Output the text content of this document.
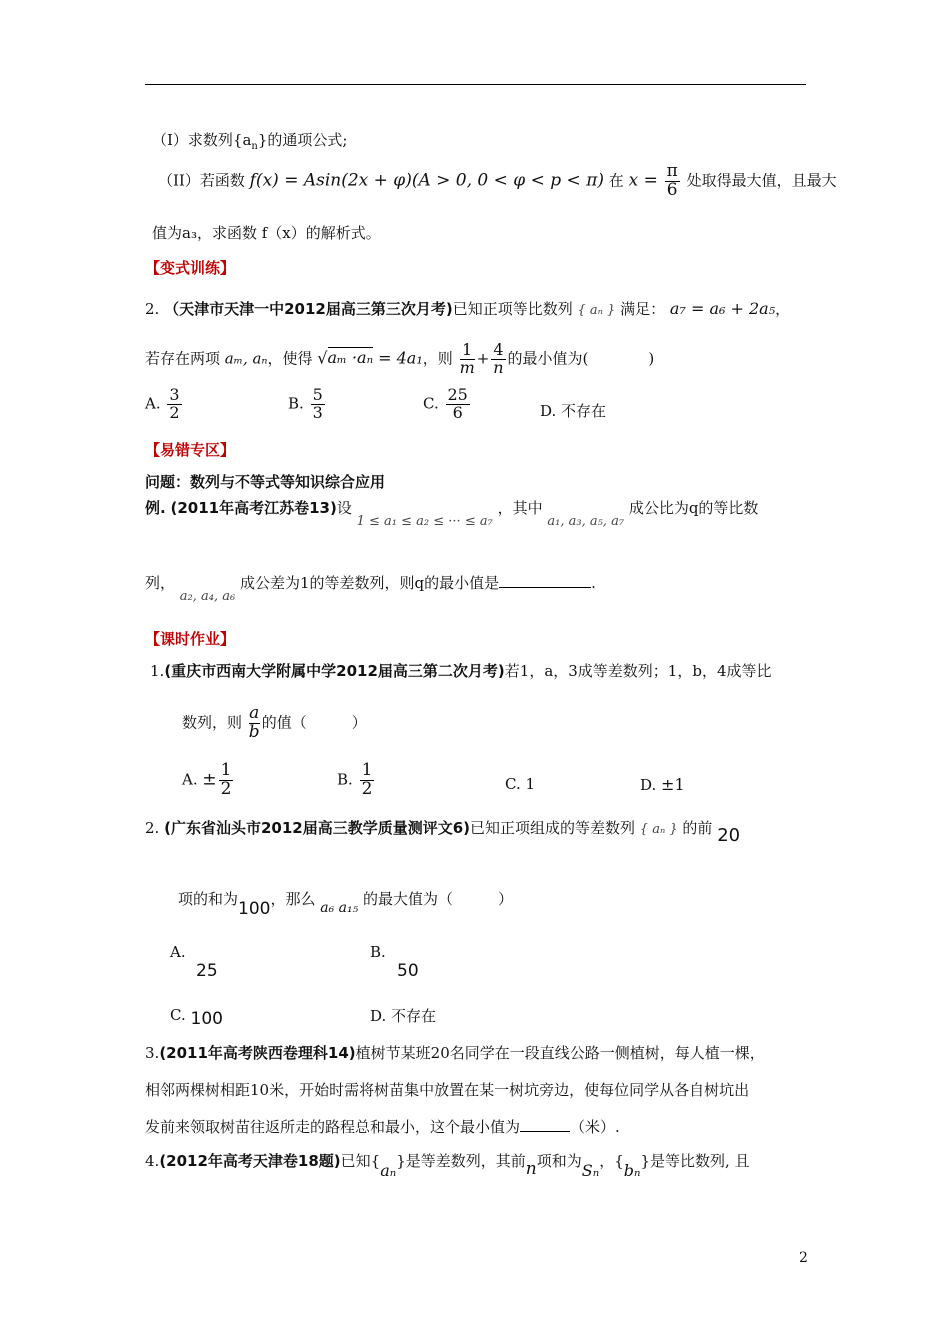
（I）求数列$\{a_n\}$的通项公式;
（II）若函数 f(x) = Asin(2x + φ)(A > 0, 0 < φ < p < π) 在 $x = \frac{\pi}{6}$ 处取得最大值，且最大
值为a₃，求函数 f（x）的解析式。
【变式训练】
2. （天津市天津一中2012届高三第三次月考)已知正项等比数列 { aₙ } 满足： a₇ = a₆ + 2a₅，
若存在两项 aₘ, aₙ，使得 √aₘ ·aₙ = 4a₁，则 $\frac{1}{m} + \frac{4}{n}$ 的最小值为(　　　　)
A. $\frac{3}{2}$	B. $\frac{5}{3}$	C. $\frac{25}{6}$	D. 不存在
【易错专区】
问题：数列与不等式等知识综合应用
例. (2011年高考江苏卷13)设 1 ≤ a₁ ≤ a₂ ≤ ··· ≤ a₇ ，其中 a₁, a₃, a₅, a₇ 成公比为q的等比数
列， a₂, a₄, a₆ 成公差为1的等差数列，则q的最小值是	.
【课时作业】
1.(重庆市西南大学附属中学2012届高三第二次月考)若1，a，3成等差数列；1，b，4成等比
数列，则 $\frac{a}{b}$ 的值（　　　）
A. ± $\frac{1}{2}$	B. $\frac{1}{2}$	C. 1	D. ±1
2. (广东省汕头市2012届高三教学质量测评文6)已知正项组成的等差数列 { aₙ } 的前 20
项的和为100，那么 a₆ a₁₅ 的最大值为（　　　）
A.
25
B.
50
C. 100	D. 不存在
3.(2011年高考陕西卷理科14)植树节某班20名同学在一段直线公路一侧植树，每人植一棵，
相邻两棵树相距10米，开始时需将树苗集中放置在某一树坑旁边，使每位同学从各自树坑出
发前来领取树苗往返所走的路程总和最小，这个最小值为	（米）.
4.(2012年高考天津卷18题)已知{aₙ}是等差数列，其前n项和为Sₙ，{bₙ}是等比数列, 且
2
